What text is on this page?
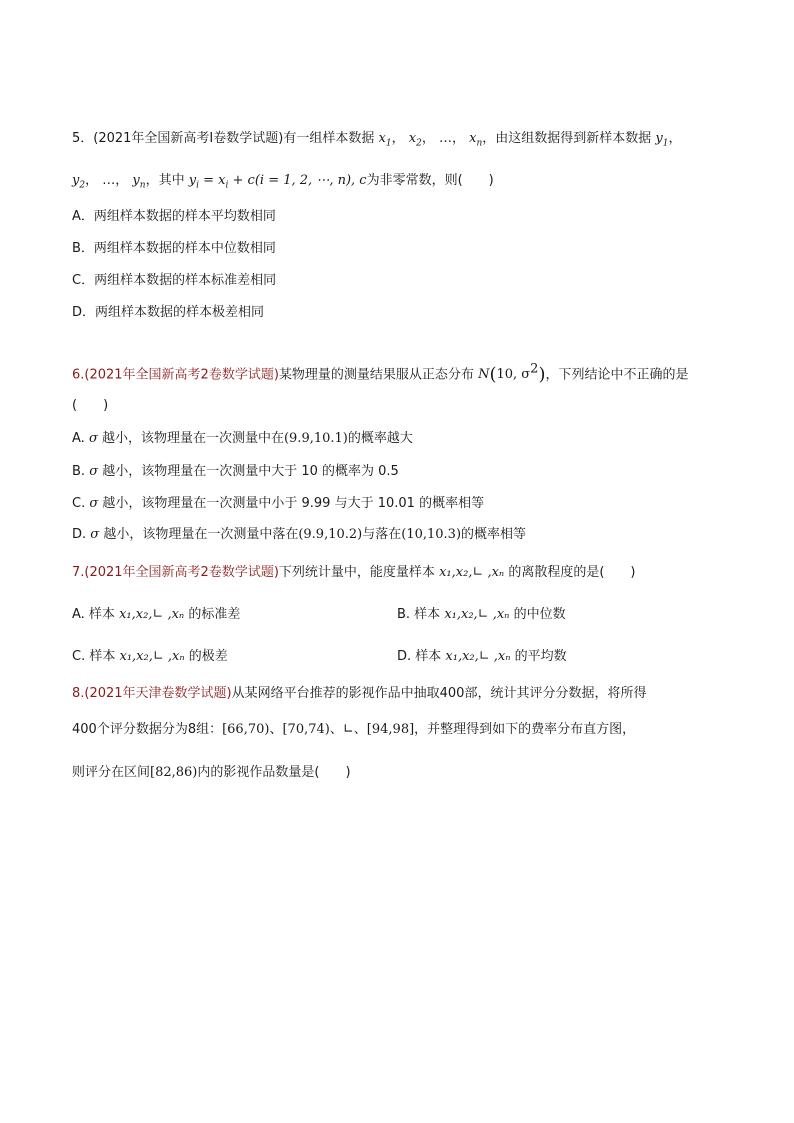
5．(2021年全国新高考Ⅰ卷数学试题)有一组样本数据 $x_1$， $x_2$， …， $x_n$，由这组数据得到新样本数据 $y_1$，
$y_2$， …， $y_n$，其中 $y_i = x_i + c(i = 1$, 2, ⋯, n), c为非零常数，则(　　)
A．两组样本数据的样本平均数相同
B．两组样本数据的样本中位数相同
C．两组样本数据的样本标准差相同
D．两组样本数据的样本极差相同
6.(2021年全国新高考2卷数学试题)某物理量的测量结果服从正态分布 N(10, $\sigma^2$)，下列结论中不正确的是
(　　)
A. σ 越小，该物理量在一次测量中在(9.9,10.1)的概率越大
B. σ 越小，该物理量在一次测量中大于 10 的概率为 0.5
C. σ 越小，该物理量在一次测量中小于 9.99 与大于 10.01 的概率相等
D. σ 越小，该物理量在一次测量中落在(9.9,10.2)与落在(10,10.3)的概率相等
7.(2021年全国新高考2卷数学试题)下列统计量中，能度量样本 x₁,x₂,∟ ,xₙ 的离散程度的是(　　)
A. 样本 x₁,x₂,∟ ,xₙ 的标准差	B. 样本 x₁,x₂,∟ ,xₙ 的中位数
C. 样本 x₁,x₂,∟ ,xₙ 的极差	D. 样本 x₁,x₂,∟ ,xₙ 的平均数
8.(2021年天津卷数学试题)从某网络平台推荐的影视作品中抽取400部，统计其评分分数据，将所得
400个评分数据分为8组：[66,70)、[70,74)、∟、[94,98]，并整理得到如下的费率分布直方图，
则评分在区间[82,86)内的影视作品数量是(　　)
